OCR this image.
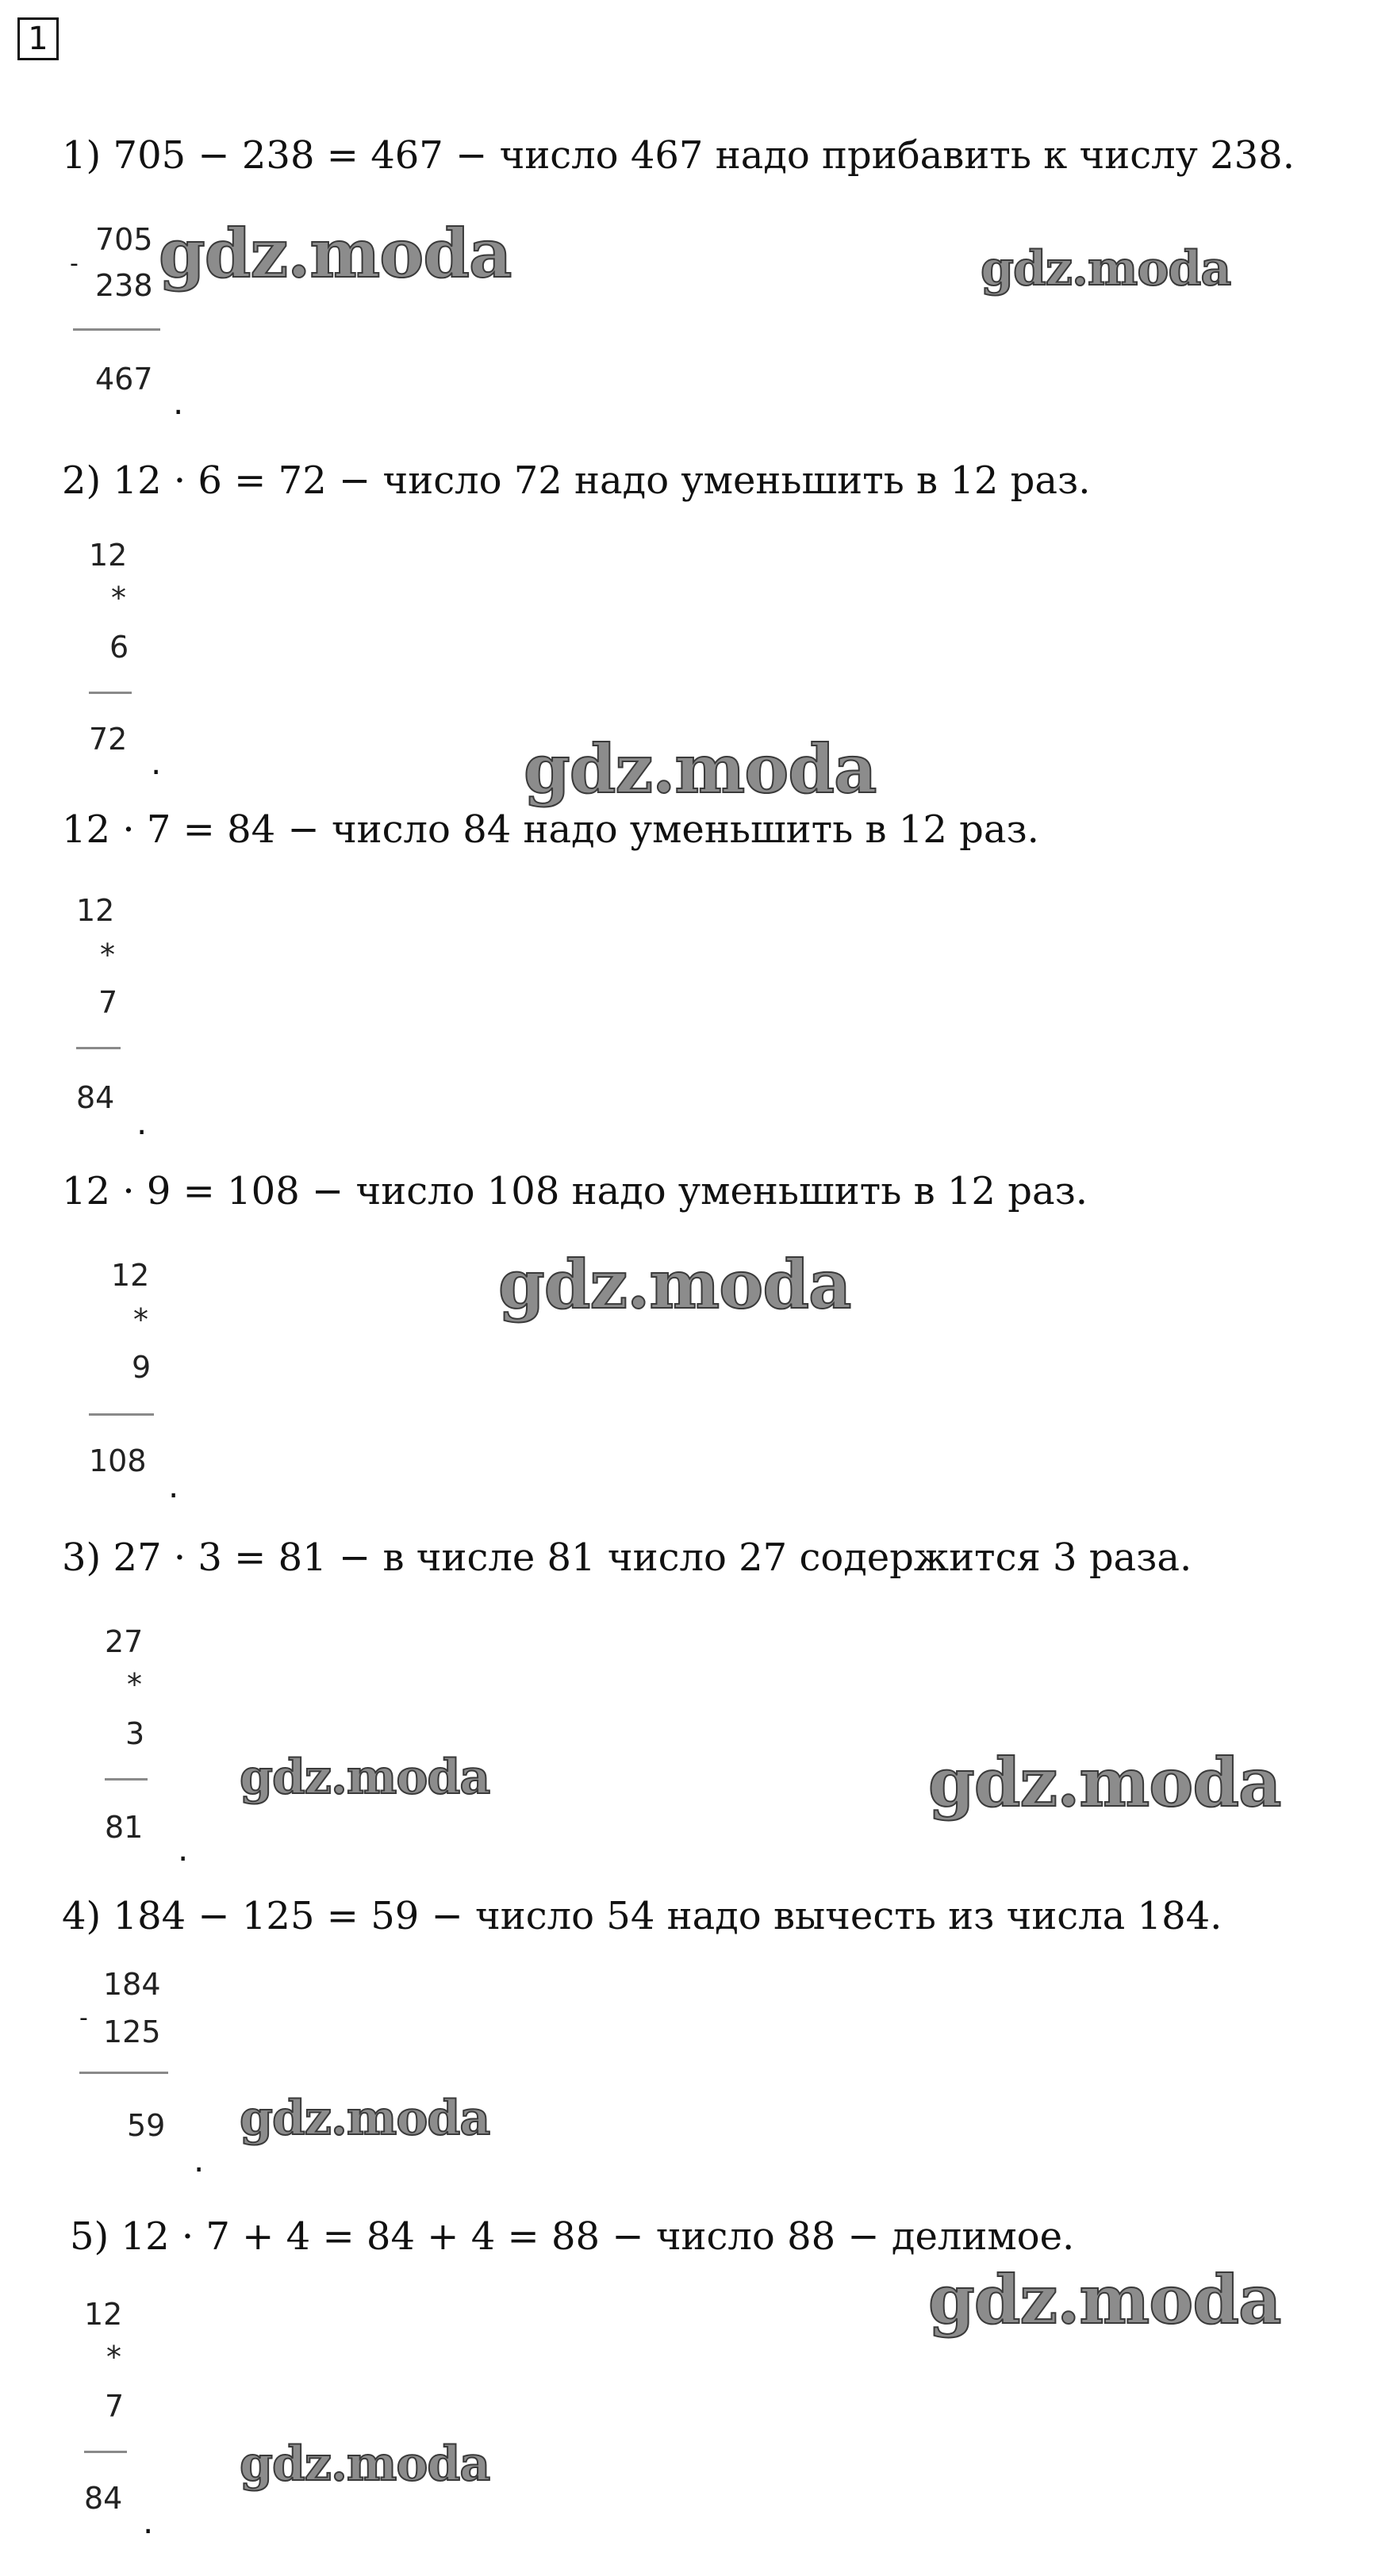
1
1) 705 − 238 = 467 − число 467 надо прибавить к числу 238.
-
705
238
467
.
2) 12 · 6 = 72 − число 72 надо уменьшить в 12 раз.
12
*
6
72
.
12 · 7 = 84 − число 84 надо уменьшить в 12 раз.
12
*
7
84
.
12 · 9 = 108 − число 108 надо уменьшить в 12 раз.
12
*
9
108
.
3) 27 · 3 = 81 − в числе 81 число 27 содержится 3 раза.
27
*
3
81
.
4) 184 − 125 = 59 − число 54 надо вычесть из числа 184.
-
184
125
59
.
5) 12 · 7 + 4 = 84 + 4 = 88 − число 88 − делимое.
12
*
7
84
.
gdz.moda	gdz.moda
gdz.moda
gdz.moda
gdz.moda	gdz.moda
gdz.moda
gdz.moda
gdz.moda
